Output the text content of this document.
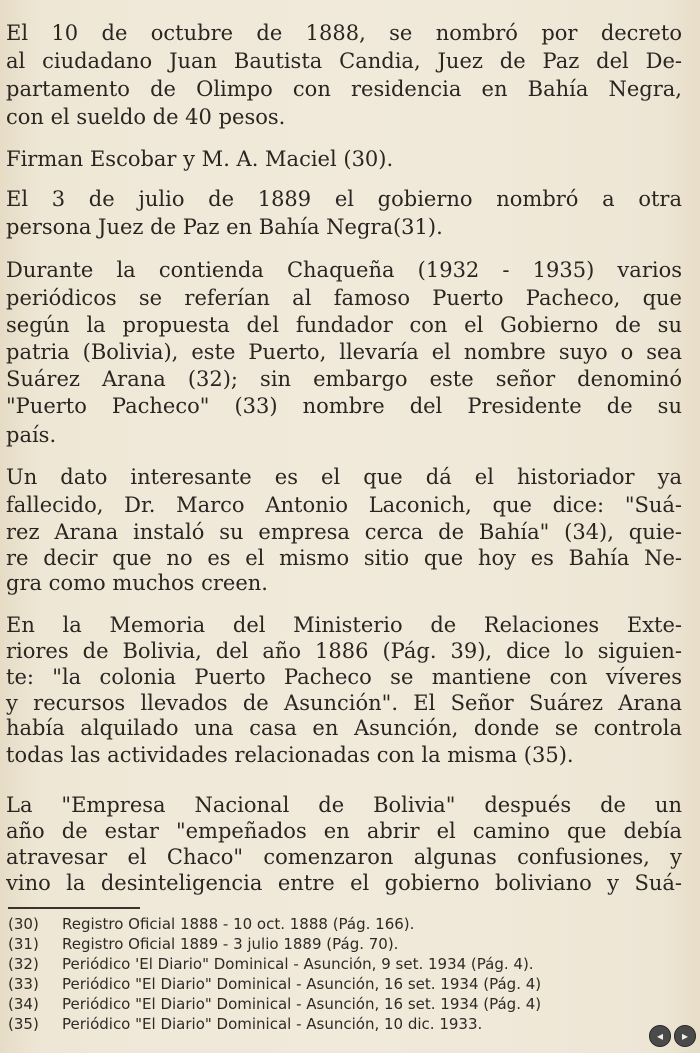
El 10 de octubre de 1888, se nombró por decreto
al ciudadano Juan Bautista Candia, Juez de Paz del De-
partamento de Olimpo con residencia en Bahía Negra,
con el sueldo de 40 pesos.
Firman Escobar y M. A. Maciel (30).
El 3 de julio de 1889 el gobierno nombró a otra
persona Juez de Paz en Bahía Negra(31).
Durante la contienda Chaqueña (1932 - 1935) varios
periódicos se referían al famoso Puerto Pacheco, que
según la propuesta del fundador con el Gobierno de su
patria (Bolivia), este Puerto, llevaría el nombre suyo o sea
Suárez Arana (32); sin embargo este señor denominó
"Puerto Pacheco" (33) nombre del Presidente de su
país.
Un dato interesante es el que dá el historiador ya
fallecido, Dr. Marco Antonio Laconich, que dice: "Suá-
rez Arana instaló su empresa cerca de Bahía" (34), quie-
re decir que no es el mismo sitio que hoy es Bahía Ne-
gra como muchos creen.
En la Memoria del Ministerio de Relaciones Exte-
riores de Bolivia, del año 1886 (Pág. 39), dice lo siguien-
te: "la colonia Puerto Pacheco se mantiene con víveres
y recursos llevados de Asunción". El Señor Suárez Arana
había alquilado una casa en Asunción, donde se controla
todas las actividades relacionadas con la misma (35).
La "Empresa Nacional de Bolivia" después de un
año de estar "empeñados en abrir el camino que debía
atravesar el Chaco" comenzaron algunas confusiones, y
vino la desinteligencia entre el gobierno boliviano y Suá-
(30) Registro Oficial 1888 - 10 oct. 1888 (Pág. 166).
(31) Registro Oficial 1889 - 3 julio 1889 (Pág. 70).
(32) Periódico 'El Diario" Dominical - Asunción, 9 set. 1934 (Pág. 4).
(33) Periódico "El Diario" Dominical - Asunción, 16 set. 1934 (Pág. 4)
(34) Periódico "El Diario" Dominical - Asunción, 16 set. 1934 (Pág. 4)
(35) Periódico "El Diario" Dominical - Asunción, 10 dic. 1933.
◂	▸
